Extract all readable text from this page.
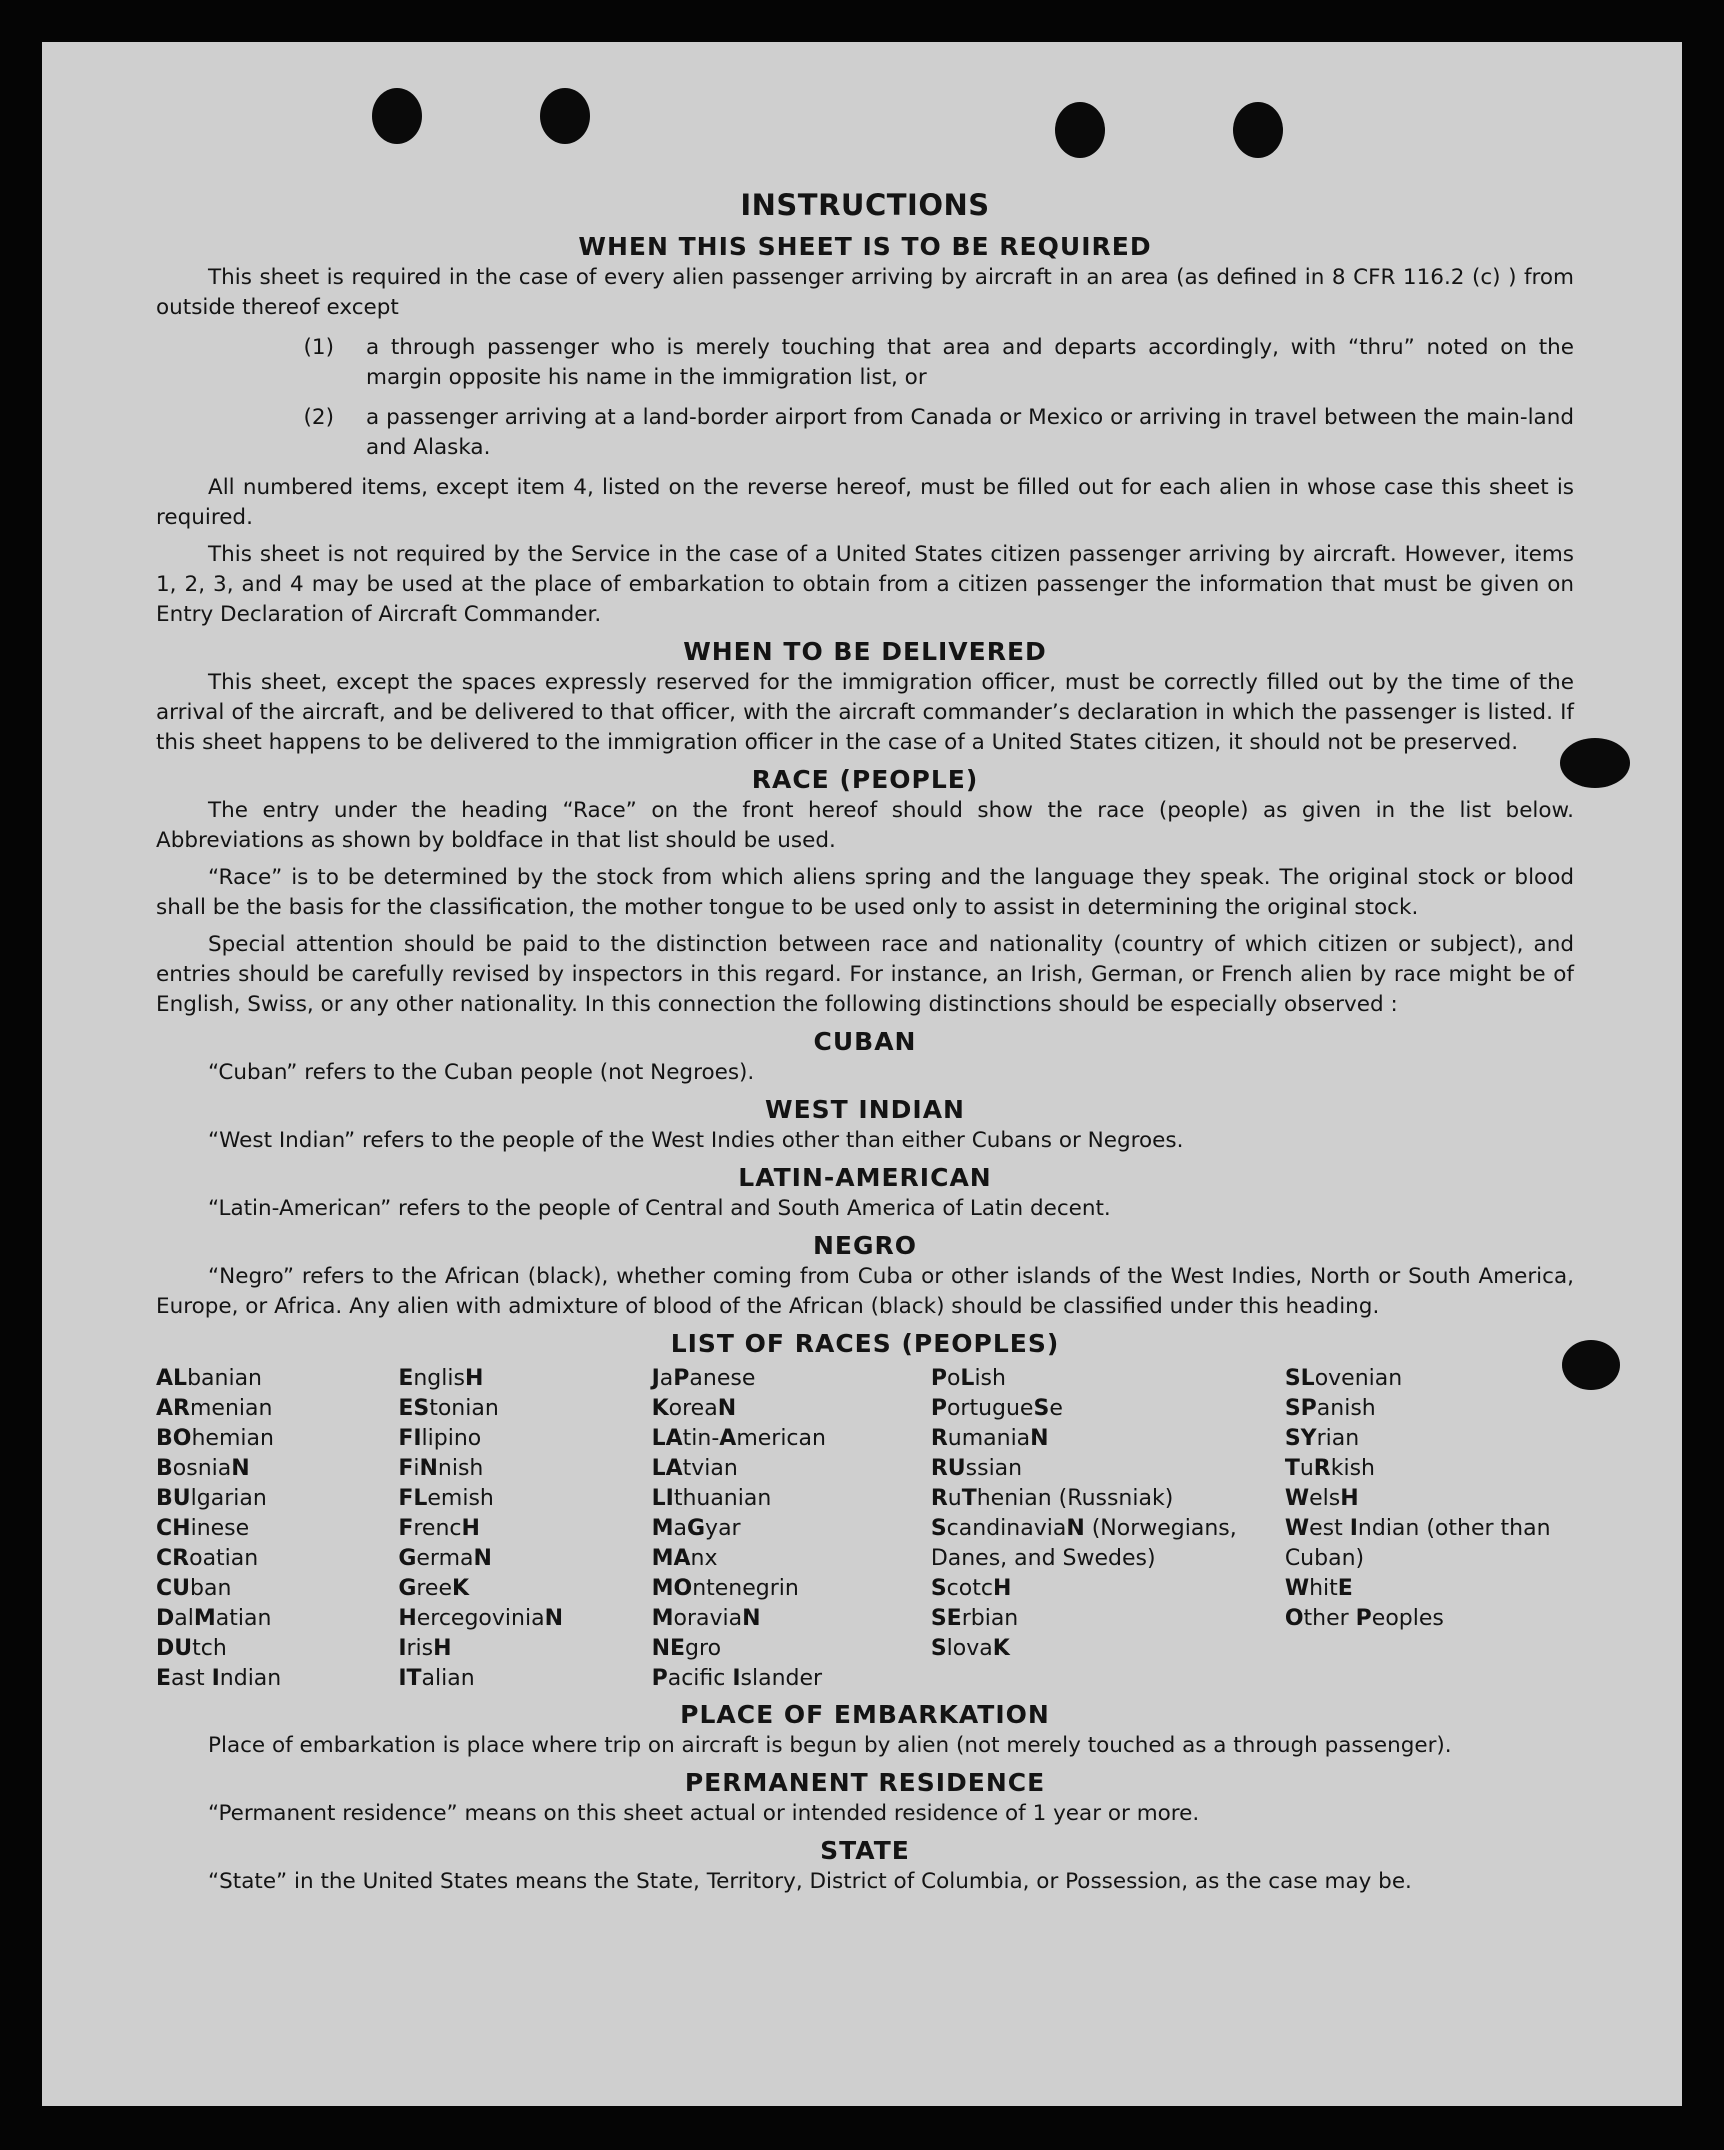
INSTRUCTIONS
WHEN THIS SHEET IS TO BE REQUIRED

This sheet is required in the case of every alien passenger arriving by aircraft in an area (as defined in 8 CFR 116.2 (c) ) from outside thereof except

(1)	a through passenger who is merely touching that area and departs accordingly, with “thru” noted on the margin opposite his name in the immigration list, or
(2)	a passenger arriving at a land-border airport from Canada or Mexico or arriving in travel between the main-land and Alaska.

All numbered items, except item 4, listed on the reverse hereof, must be filled out for each alien in whose case this sheet is required.

This sheet is not required by the Service in the case of a United States citizen passenger arriving by aircraft. However, items 1, 2, 3, and 4 may be used at the place of embarkation to obtain from a citizen passenger the information that must be given on Entry Declaration of Aircraft Commander.

WHEN TO BE DELIVERED

This sheet, except the spaces expressly reserved for the immigration officer, must be correctly filled out by the time of the arrival of the aircraft, and be delivered to that officer, with the aircraft commander’s declaration in which the passenger is listed. If this sheet happens to be delivered to the immigration officer in the case of a United States citizen, it should not be preserved.

RACE (PEOPLE)

The entry under the heading “Race” on the front hereof should show the race (people) as given in the list below. Abbreviations as shown by boldface in that list should be used.

“Race” is to be determined by the stock from which aliens spring and the language they speak. The original stock or blood shall be the basis for the classification, the mother tongue to be used only to assist in determining the original stock.

Special attention should be paid to the distinction between race and nationality (country of which citizen or subject), and entries should be carefully revised by inspectors in this regard. For instance, an Irish, German, or French alien by race might be of English, Swiss, or any other nationality. In this connection the following distinctions should be especially observed :

CUBAN

“Cuban” refers to the Cuban people (not Negroes).

WEST INDIAN

“West Indian” refers to the people of the West Indies other than either Cubans or Negroes.

LATIN-AMERICAN

“Latin-American” refers to the people of Central and South America of Latin decent.

NEGRO

“Negro” refers to the African (black), whether coming from Cuba or other islands of the West Indies, North or South America, Europe, or Africa. Any alien with admixture of blood of the African (black) should be classified under this heading.

LIST OF RACES (PEOPLES)
ALbanian
ARmenian
BOhemian
BosniaN
BUlgarian
CHinese
CRoatian
CUban
DalMatian
DUtch
East Indian
EnglisH
EStonian
FIlipino
FiNnish
FLemish
FrencH
GermaN
GreeK
HercegoviniaN
IrisH
ITalian
JaPanese
KoreaN
LAtin-American
LAtvian
LIthuanian
MaGyar
MAnx
MOntenegrin
MoraviaN
NEgro
Pacific Islander
PoLish
PortugueSe
RumaniaN
RUssian
RuThenian (Russniak)
ScandinaviaN (Norwegians, Danes, and Swedes)
ScotcH
SErbian
SlovaK
SLovenian
SPanish
SYrian
TuRkish
WelsH
West Indian (other than Cuban)
WhitE
Other Peoples
PLACE OF EMBARKATION

Place of embarkation is place where trip on aircraft is begun by alien (not merely touched as a through passenger).

PERMANENT RESIDENCE

“Permanent residence” means on this sheet actual or intended residence of 1 year or more.

STATE

“State” in the United States means the State, Territory, District of Columbia, or Possession, as the case may be.
